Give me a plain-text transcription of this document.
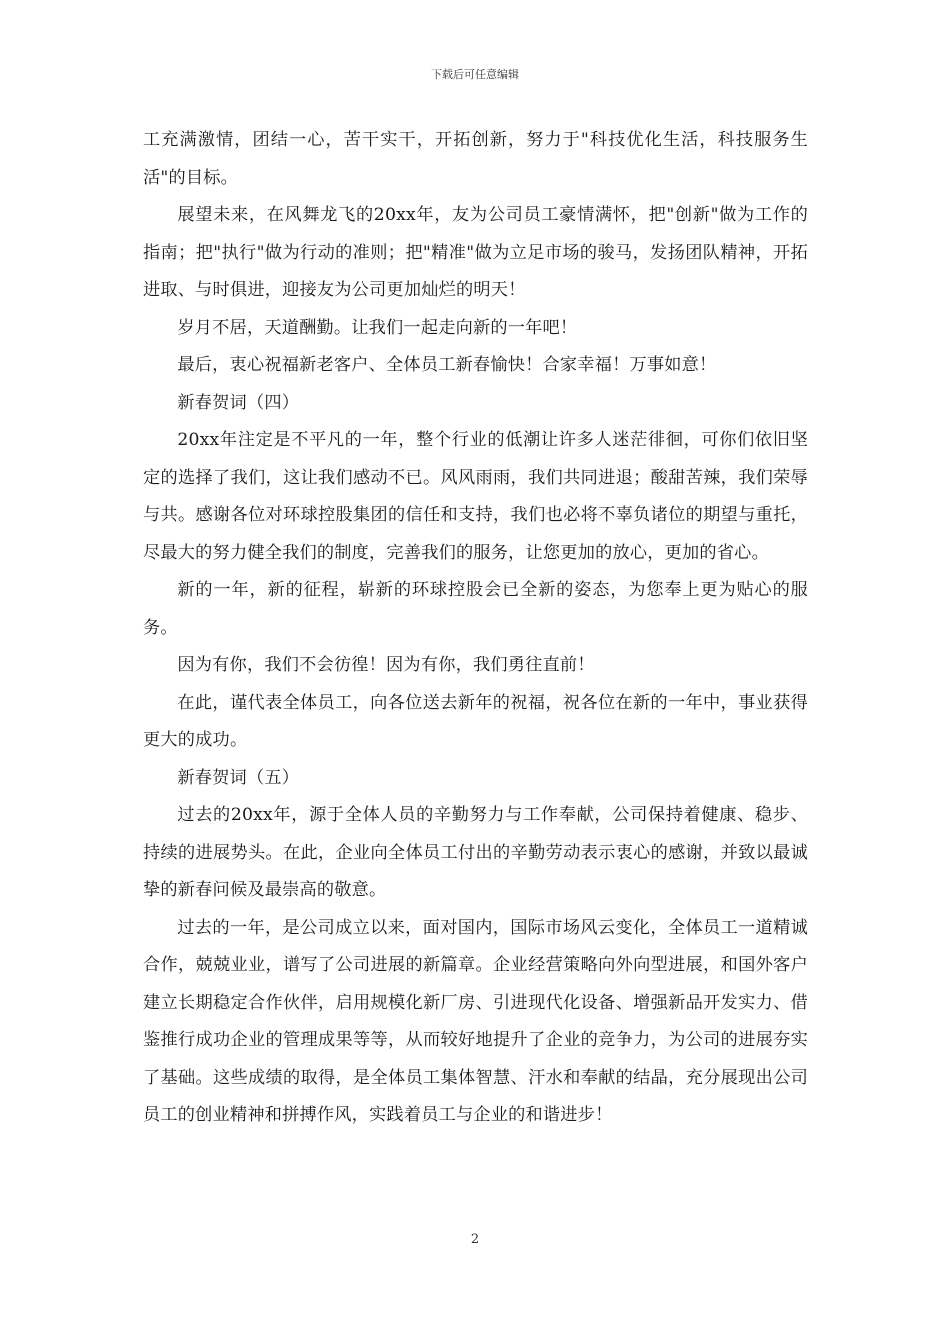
下载后可任意编辑

工充满激情，团结一心，苦干实干，开拓创新，努力于"科技优化生活，科技服务生活"的目标。

展望未来，在风舞龙飞的20xx年，友为公司员工豪情满怀，把"创新"做为工作的指南；把"执行"做为行动的准则；把"精准"做为立足市场的骏马，发扬团队精神，开拓进取、与时俱进，迎接友为公司更加灿烂的明天！

岁月不居，天道酬勤。让我们一起走向新的一年吧！

最后，衷心祝福新老客户、全体员工新春愉快！合家幸福！万事如意！

新春贺词（四）

20xx年注定是不平凡的一年，整个行业的低潮让许多人迷茫徘徊，可你们依旧坚定的选择了我们，这让我们感动不已。风风雨雨，我们共同进退；酸甜苦辣，我们荣辱与共。感谢各位对环球控股集团的信任和支持，我们也必将不辜负诸位的期望与重托，尽最大的努力健全我们的制度，完善我们的服务，让您更加的放心，更加的省心。

新的一年，新的征程，崭新的环球控股会已全新的姿态，为您奉上更为贴心的服务。

因为有你，我们不会彷徨！因为有你，我们勇往直前！

在此，谨代表全体员工，向各位送去新年的祝福，祝各位在新的一年中，事业获得更大的成功。

新春贺词（五）

过去的20xx年，源于全体人员的辛勤努力与工作奉献，公司保持着健康、稳步、持续的进展势头。在此，企业向全体员工付出的辛勤劳动表示衷心的感谢，并致以最诚挚的新春问候及最崇高的敬意。

过去的一年，是公司成立以来，面对国内，国际市场风云变化，全体员工一道精诚合作，兢兢业业，谱写了公司进展的新篇章。企业经营策略向外向型进展，和国外客户建立长期稳定合作伙伴，启用规模化新厂房、引进现代化设备、增强新品开发实力、借鉴推行成功企业的管理成果等等，从而较好地提升了企业的竞争力，为公司的进展夯实了基础。这些成绩的取得，是全体员工集体智慧、汗水和奉献的结晶，充分展现出公司员工的创业精神和拼搏作风，实践着员工与企业的和谐进步！

2
